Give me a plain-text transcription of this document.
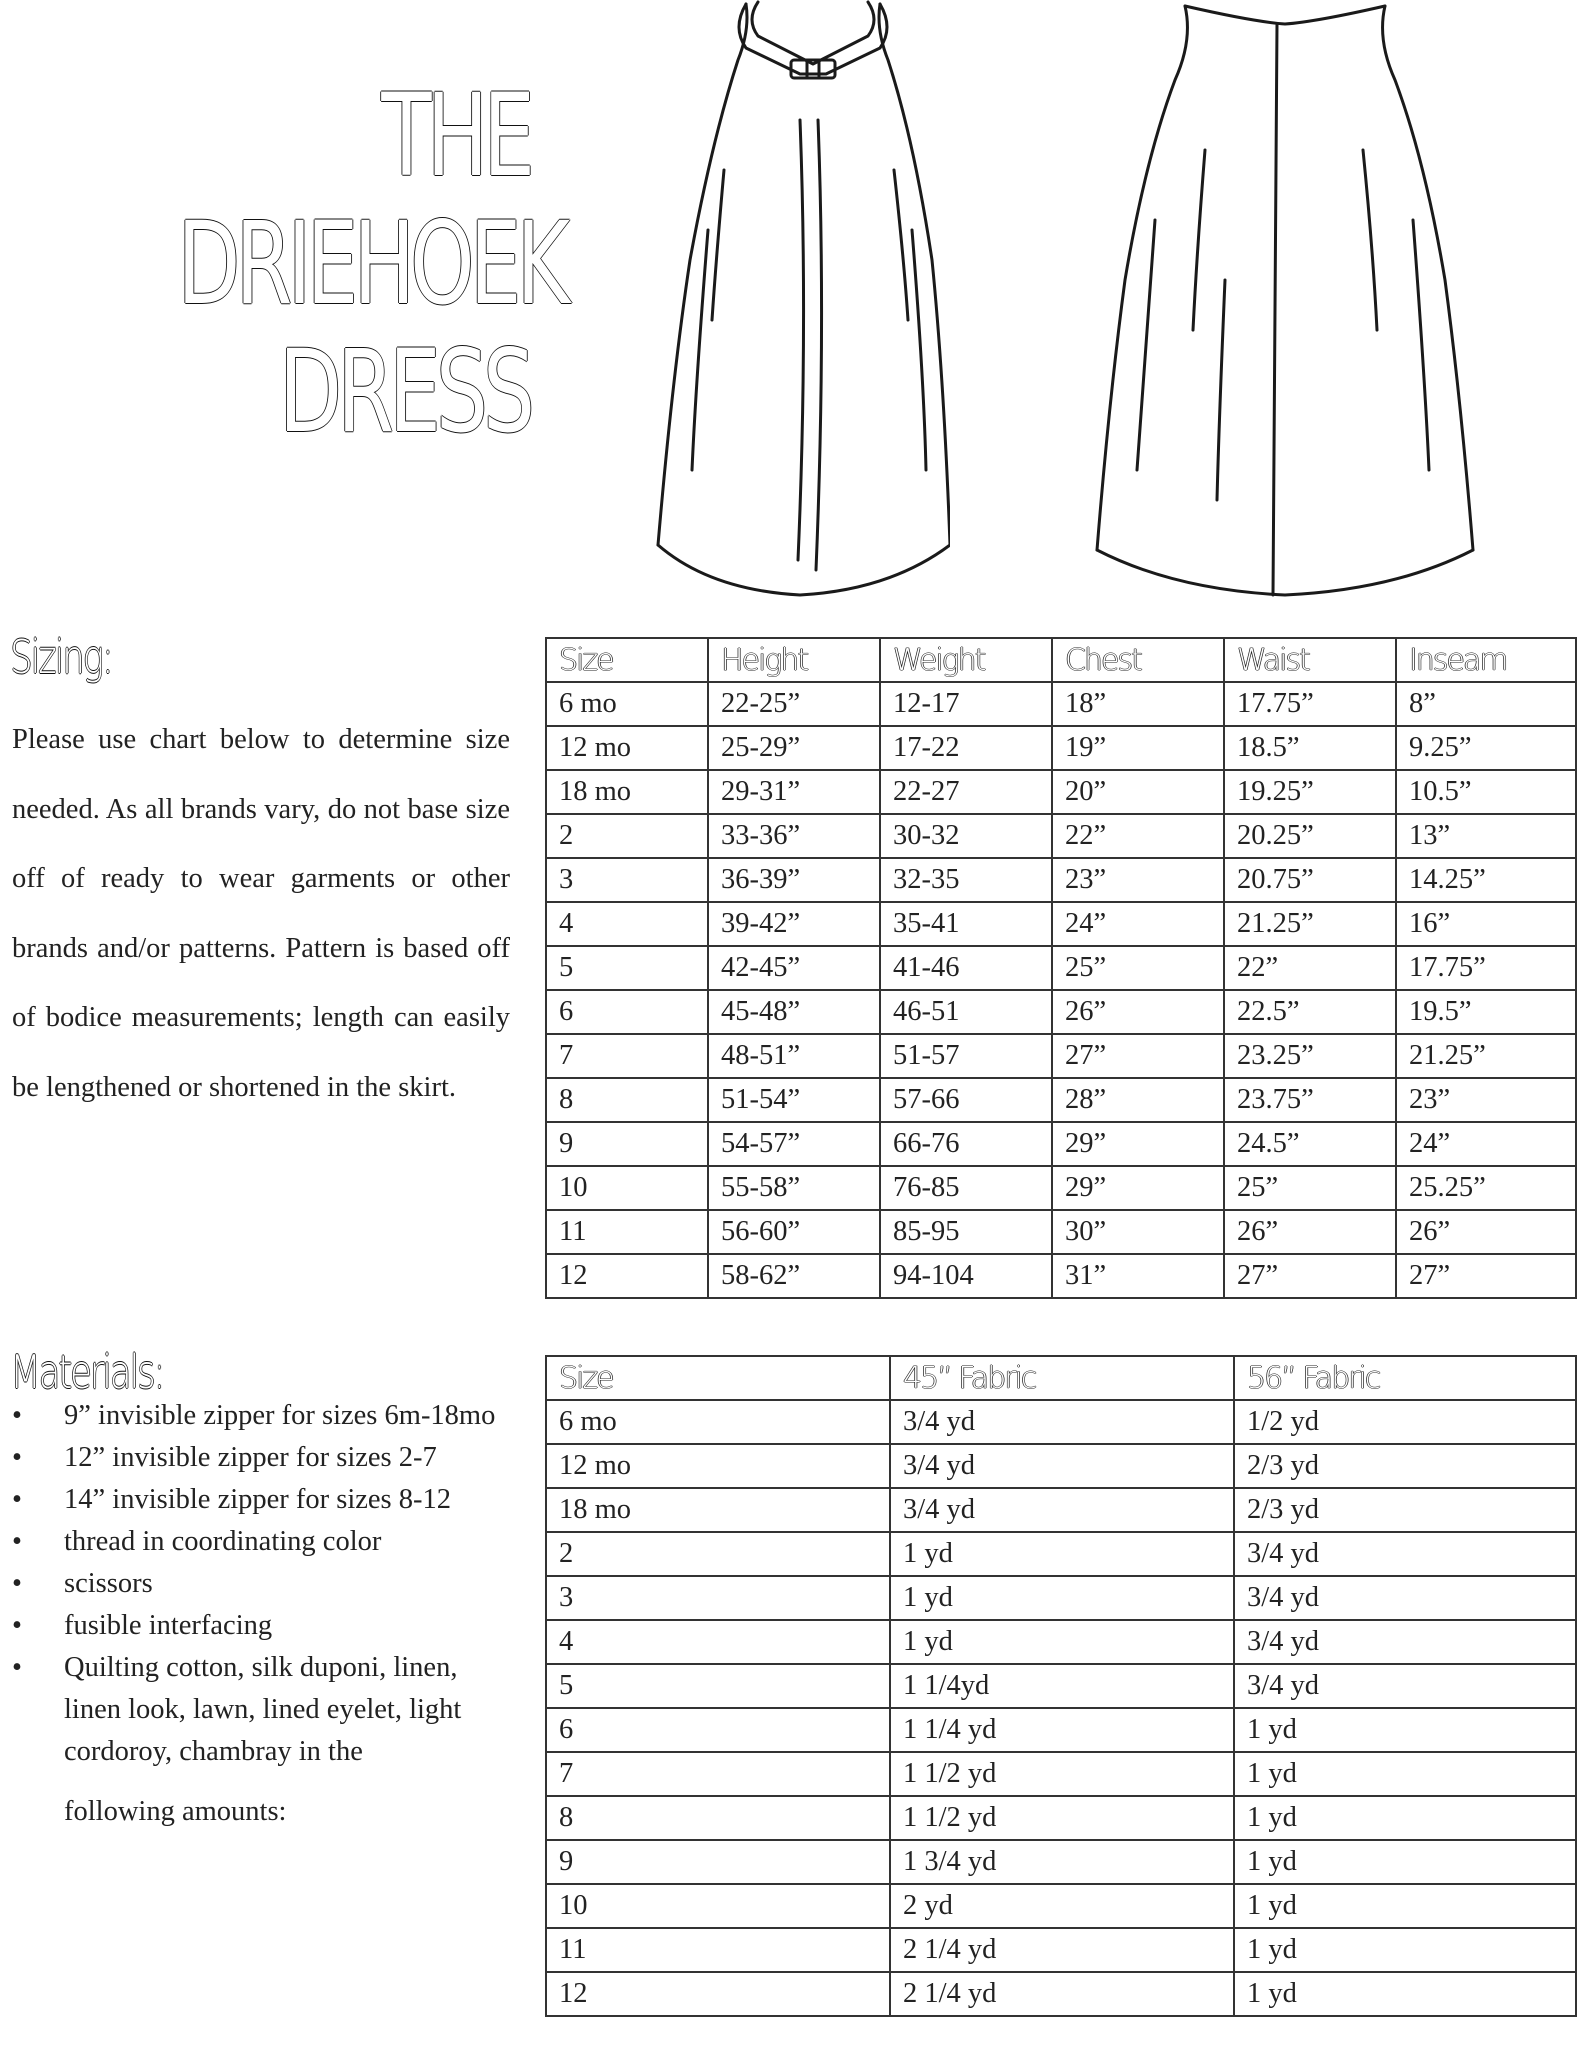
THE
DRIEHOEK
DRESS
Sizing:
Please use chart below to determine size needed. As all brands vary, do not base size off of ready to wear garments or other brands and/or patterns. Pattern is based off of bodice measurements; length can easily be lengthened or shortened in the skirt.
Materials:
• 9” invisible zipper for sizes 6m-18mo
• 12” invisible zipper for sizes 2-7
• 14” invisible zipper for sizes 8-12
• thread in coordinating color
• scissors
• fusible interfacing
• Quilting cotton, silk duponi, linen, linen look, lawn, lined eyelet, light cordoroy, chambray in the
following amounts:
Size	Height	Weight	Chest	Waist	Inseam
6 mo	22-25”	12-17	18”	17.75”	8”
12 mo	25-29”	17-22	19”	18.5”	9.25”
18 mo	29-31”	22-27	20”	19.25”	10.5”
2	33-36”	30-32	22”	20.25”	13”
3	36-39”	32-35	23”	20.75”	14.25”
4	39-42”	35-41	24”	21.25”	16”
5	42-45”	41-46	25”	22”	17.75”
6	45-48”	46-51	26”	22.5”	19.5”
7	48-51”	51-57	27”	23.25”	21.25”
8	51-54”	57-66	28”	23.75”	23”
9	54-57”	66-76	29”	24.5”	24”
10	55-58”	76-85	29”	25”	25.25”
11	56-60”	85-95	30”	26”	26”
12	58-62”	94-104	31”	27”	27”
Size	45” Fabric	56” Fabric
6 mo	3/4 yd	1/2 yd
12 mo	3/4 yd	2/3 yd
18 mo	3/4 yd	2/3 yd
2	1 yd	3/4 yd
3	1 yd	3/4 yd
4	1 yd	3/4 yd
5	1 1/4yd	3/4 yd
6	1 1/4 yd	1 yd
7	1 1/2 yd	1 yd
8	1 1/2 yd	1 yd
9	1 3/4 yd	1 yd
10	2 yd	1 yd
11	2 1/4 yd	1 yd
12	2 1/4 yd	1 yd
